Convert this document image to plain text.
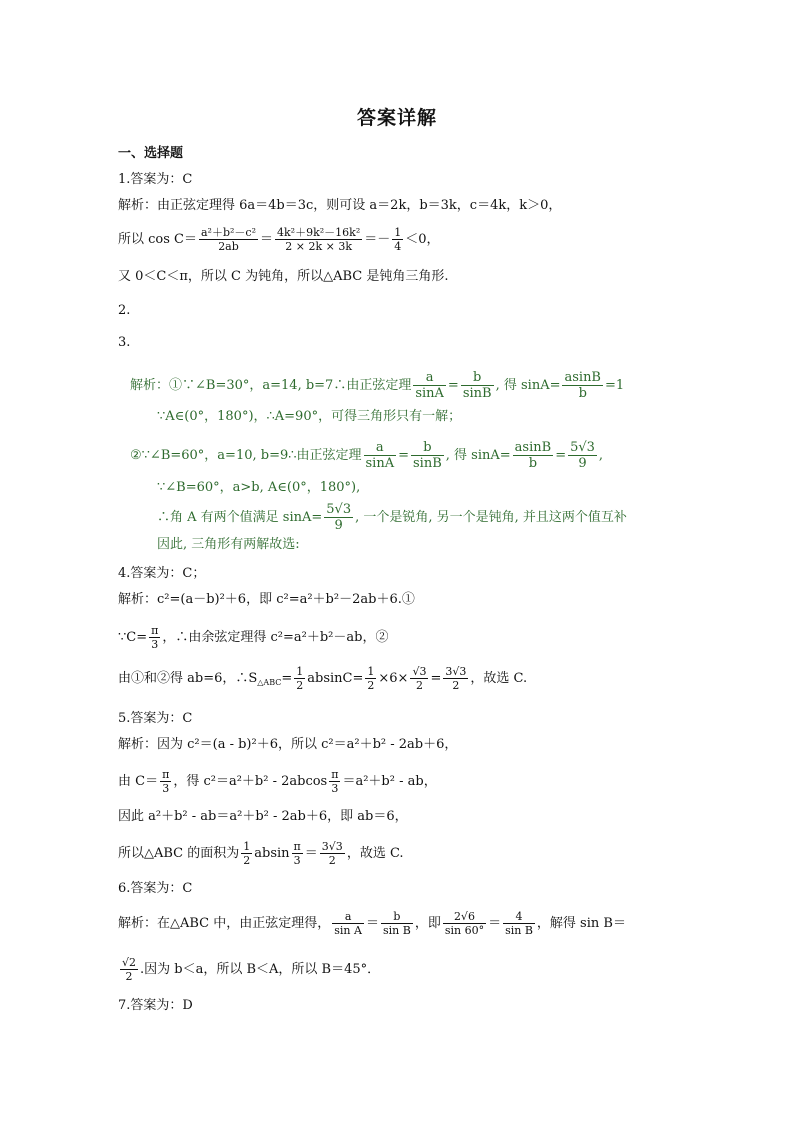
答案详解
一、选择题
1.答案为：C
解析：由正弦定理得 6a＝4b＝3c，则可设 a＝2k，b＝3k，c＝4k，k＞0，
所以 $\cos C= \frac{\text{a²＋b²－c²}}{2ab} = \frac{\text{4k²＋9k²－16k²}}{2 \times 2k \times 3k} =- \frac{1}{4} <0$，
又 0＜C＜π，所以 C 为钝角，所以△ABC 是钝角三角形.
2.
3.
解析：①∵∠B=30°，a=14, b=7∴由正弦定理 $\frac{a}{\sin A} = \frac{b}{\sin B}$ , 得 $\sin A= \frac{asinB}{b} =1$
∵A∈(0°，180°)，∴A=90°，可得三角形只有一解；
②∵∠B=60°，a=10, b=9∴由正弦定理 $\frac{a}{\sin A} = \frac{b}{\sin B}$ , 得 $\sin A= \frac{asinB}{b} = \frac{5√3}{9}$ ,
∵∠B=60°，a>b, A∈(0°，180°),
∴角 A 有两个值满足 $\sin A= \frac{5√3}{9}$ , 一个是锐角, 另一个是钝角, 并且这两个值互补
因此, 三角形有两解故选:
4.答案为：C；
解析：c²=(a－b)²＋6，即 c²=a²＋b²－2ab＋6.①
∵C= $\frac{\pi}{3}$ ，∴由余弦定理得 c²=a²＋b²－ab，②
由①和②得 ab=6，$\therefore S_{\triangle ABC}= \frac{1}{2} absinC= \frac{1}{2} \times 6\times \frac{√3}{2} = \frac{3√3}{2}$ ，故选 C.
5.答案为：C
解析：因为 c²＝(a - b)²＋6，所以 c²＝a²＋b² - 2ab＋6，
由 $C= \frac{\pi}{3}$ ，得 $c^2=a^2+b^2 - 2abcos \frac{\pi}{3} =a^2+b^2$ - ab，
因此 a²＋b² - ab＝a²＋b² - 2ab＋6，即 ab＝6，
所以△ABC 的面积为 $\frac{1}{2}$ absin $\frac{\pi}{3} = \frac{3√3}{2}$ ，故选 C.
6.答案为：C
解析：在△ABC 中，由正弦定理得， $\frac{a}{\text{sin A}} = \frac{b}{\text{sin B}}$ ，即 $\frac{2√6}{\sin 60^\circ} = \frac{4}{\text{sin B}}$ ，解得 sin B＝
$\frac{√2}{2}$ .因为 b＜a，所以 B＜A，所以 B＝45°．
7.答案为：D
